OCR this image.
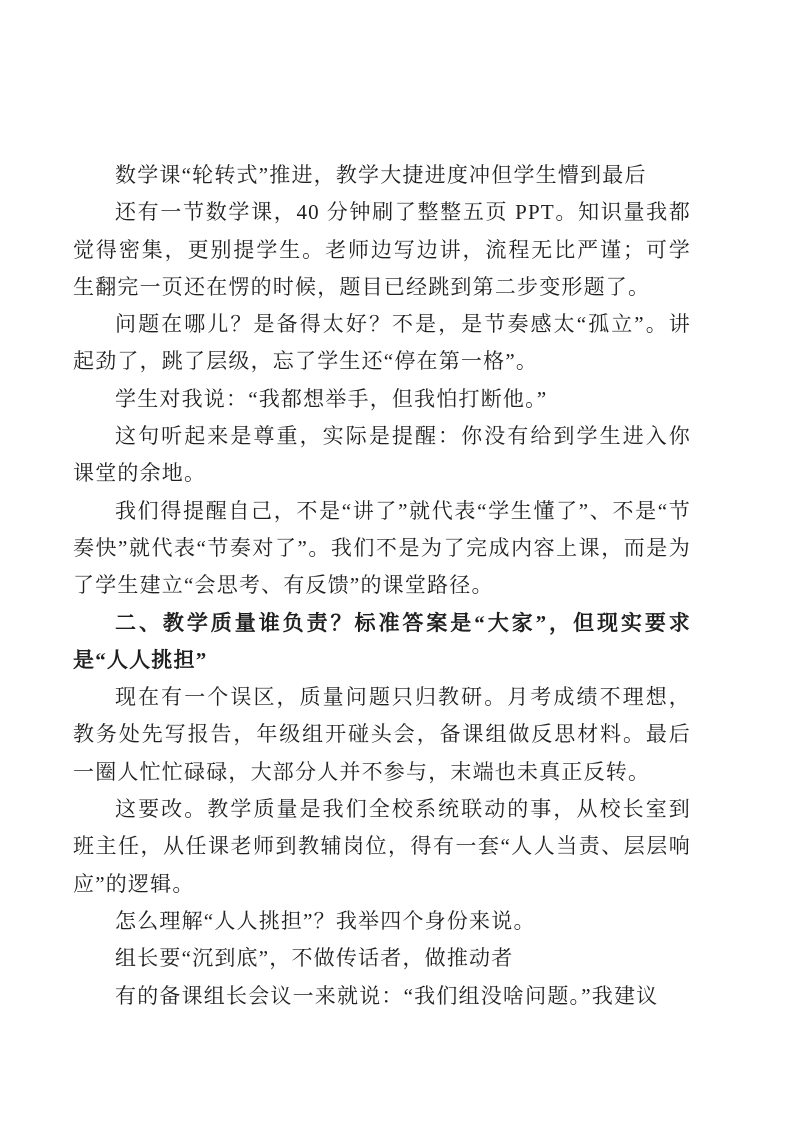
数学课“轮转式”推进，教学大捷进度冲但学生懵到最后

还有一节数学课，40 分钟刷了整整五页 PPT。知识量我都觉得密集，更别提学生。老师边写边讲，流程无比严谨；可学生翻完一页还在愣的时候，题目已经跳到第二步变形题了。

问题在哪儿？是备得太好？不是，是节奏感太“孤立”。讲起劲了，跳了层级，忘了学生还“停在第一格”。

学生对我说：“我都想举手，但我怕打断他。”

这句听起来是尊重，实际是提醒：你没有给到学生进入你课堂的余地。

我们得提醒自己，不是“讲了”就代表“学生懂了”、不是“节奏快”就代表“节奏对了”。我们不是为了完成内容上课，而是为了学生建立“会思考、有反馈”的课堂路径。

二、教学质量谁负责？标准答案是“大家”，但现实要求是“人人挑担”

现在有一个误区，质量问题只归教研。月考成绩不理想，教务处先写报告，年级组开碰头会，备课组做反思材料。最后一圈人忙忙碌碌，大部分人并不参与，末端也未真正反转。

这要改。教学质量是我们全校系统联动的事，从校长室到班主任，从任课老师到教辅岗位，得有一套“人人当责、层层响应”的逻辑。

怎么理解“人人挑担”？我举四个身份来说。

组长要“沉到底”，不做传话者，做推动者

有的备课组长会议一来就说：“我们组没啥问题。”我建议
